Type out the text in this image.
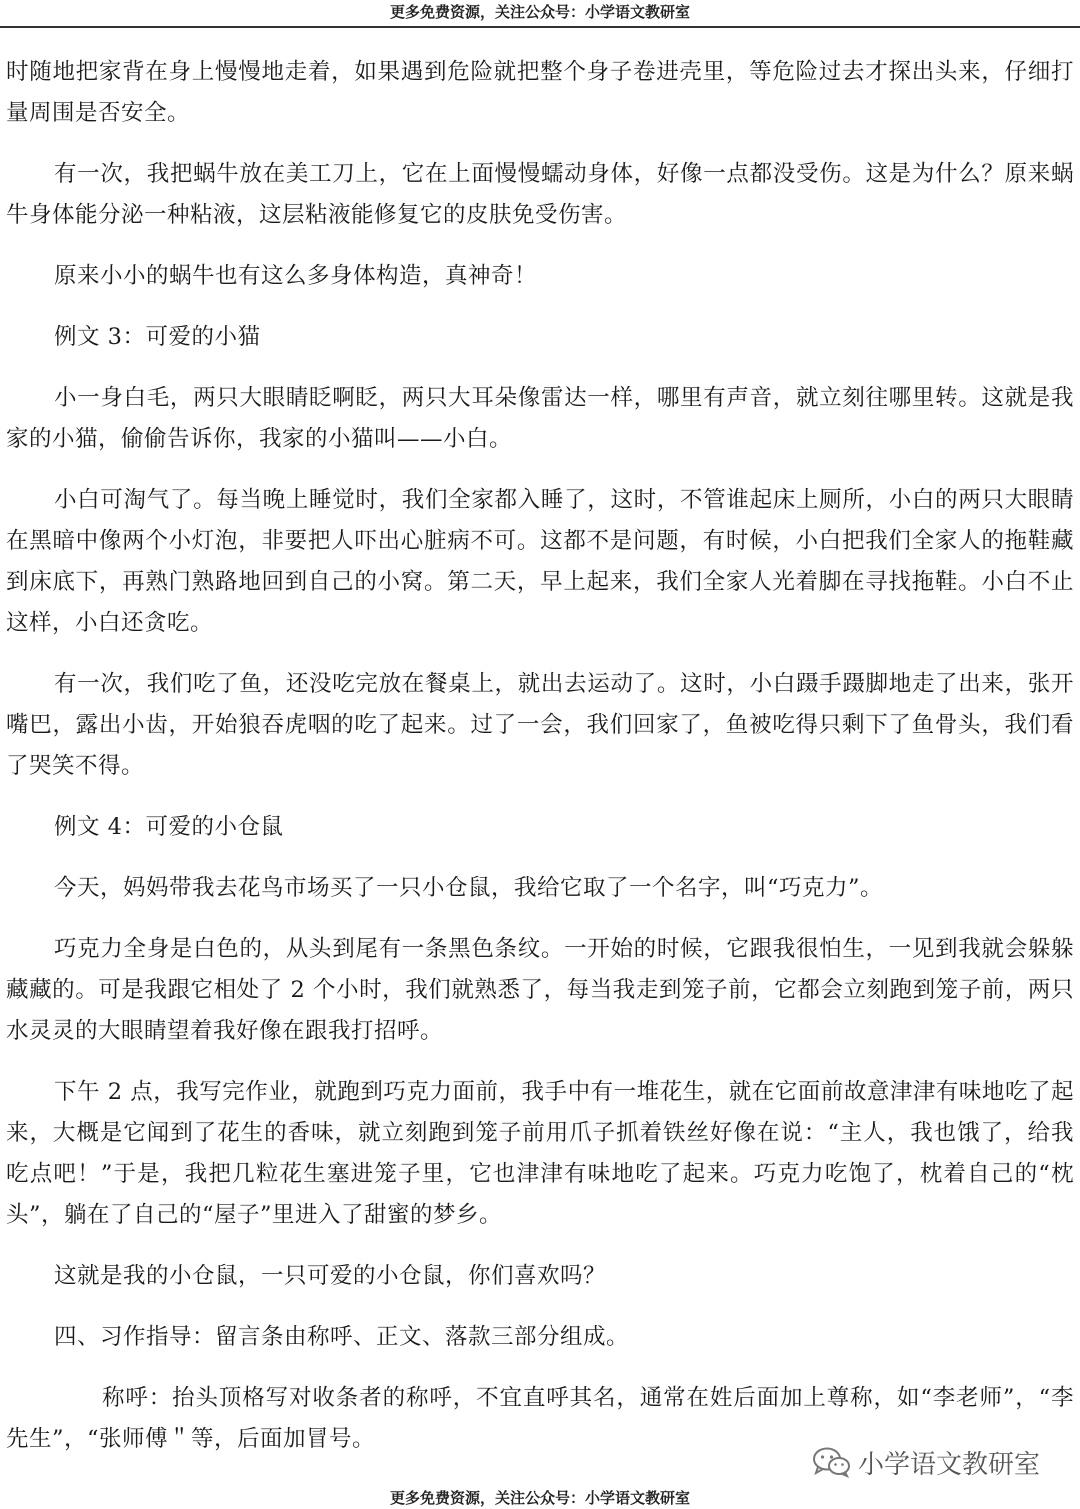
更多免费资源，关注公众号：小学语文教研室

时随地把家背在身上慢慢地走着，如果遇到危险就把整个身子卷进壳里，等危险过去才探出头来，仔细打量周围是否安全。

有一次，我把蜗牛放在美工刀上，它在上面慢慢蠕动身体，好像一点都没受伤。这是为什么？原来蜗牛身体能分泌一种粘液，这层粘液能修复它的皮肤免受伤害。

原来小小的蜗牛也有这么多身体构造，真神奇！

例文 3：可爱的小猫

小一身白毛，两只大眼睛眨啊眨，两只大耳朵像雷达一样，哪里有声音，就立刻往哪里转。这就是我家的小猫，偷偷告诉你，我家的小猫叫——小白。

小白可淘气了。每当晚上睡觉时，我们全家都入睡了，这时，不管谁起床上厕所，小白的两只大眼睛在黑暗中像两个小灯泡，非要把人吓出心脏病不可。这都不是问题，有时候，小白把我们全家人的拖鞋藏到床底下，再熟门熟路地回到自己的小窝。第二天，早上起来，我们全家人光着脚在寻找拖鞋。小白不止这样，小白还贪吃。

有一次，我们吃了鱼，还没吃完放在餐桌上，就出去运动了。这时，小白蹑手蹑脚地走了出来，张开嘴巴，露出小齿，开始狼吞虎咽的吃了起来。过了一会，我们回家了，鱼被吃得只剩下了鱼骨头，我们看了哭笑不得。

例文 4：可爱的小仓鼠

今天，妈妈带我去花鸟市场买了一只小仓鼠，我给它取了一个名字，叫“巧克力”。

巧克力全身是白色的，从头到尾有一条黑色条纹。一开始的时候，它跟我很怕生，一见到我就会躲躲藏藏的。可是我跟它相处了 2 个小时，我们就熟悉了，每当我走到笼子前，它都会立刻跑到笼子前，两只水灵灵的大眼睛望着我好像在跟我打招呼。

下午 2 点，我写完作业，就跑到巧克力面前，我手中有一堆花生，就在它面前故意津津有味地吃了起来，大概是它闻到了花生的香味，就立刻跑到笼子前用爪子抓着铁丝好像在说：“主人，我也饿了，给我吃点吧！”于是，我把几粒花生塞进笼子里，它也津津有味地吃了起来。巧克力吃饱了，枕着自己的“枕头”，躺在了自己的“屋子”里进入了甜蜜的梦乡。

这就是我的小仓鼠，一只可爱的小仓鼠，你们喜欢吗？

四、习作指导：留言条由称呼、正文、落款三部分组成。

称呼：抬头顶格写对收条者的称呼，不宜直呼其名，通常在姓后面加上尊称，如“李老师”，“李先生”，“张师傅＂等，后面加冒号。

小学语文教研室
更多免费资源，关注公众号：小学语文教研室
